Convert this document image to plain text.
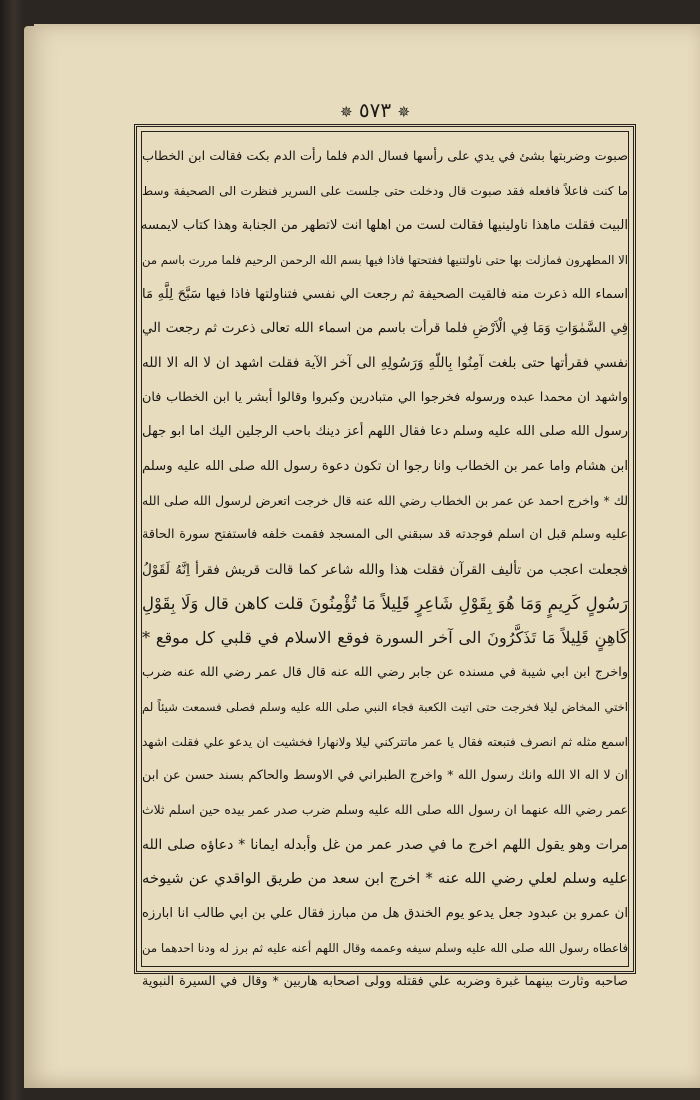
✵ ٥٧٣ ✵
صبوت وضربتها بشئ في يدي على رأسها فسال الدم فلما رأت الدم بكت فقالت ابن الخطاب
ما كنت فاعلاً فافعله فقد صبوت قال ودخلت حتى جلست على السرير فنظرت الى الصحيفة وسط
البيت فقلت ماهذا ناولينيها فقالت لست من اهلها انت لاتطهر من الجنابة وهذا كتاب لايمسه
الا المطهرون فمازلت بها حتى ناولتنيها ففتحتها فاذا فيها بسم الله الرحمن الرحيم فلما مررت باسم من
اسماء الله ذعرت منه فالقيت الصحيفة ثم رجعت الي نفسي فتناولتها فاذا فيها سَبَّحَ لِلَّهِ مَا
فِي السَّمٰوَاتِ وَمَا فِي الْاَرْضِ فلما قرأت باسم من اسماء الله تعالى ذعرت ثم رجعت الي
نفسي فقرأتها حتى بلغت آمِنُوا بِاللّهِ وَرَسُولِهِ الى آخر الآية فقلت اشهد ان لا اله الا الله
واشهد ان محمدا عبده ورسوله فخرجوا الي متبادرين وكبروا وقالوا أبشر يا ابن الخطاب فان
رسول الله صلى الله عليه وسلم دعا فقال اللهم أعز دينك باحب الرجلين اليك اما ابو جهل
ابن هشام واما عمر بن الخطاب وانا رجوا ان تكون دعوة رسول الله صلى الله عليه وسلم
لك * واخرج احمد عن عمر بن الخطاب رضي الله عنه قال خرجت اتعرض لرسول الله صلى الله
عليه وسلم قبل ان اسلم فوجدته قد سبقني الى المسجد فقمت خلفه فاستفتح سورة الحاقة
فجعلت اعجب من تأليف القرآن فقلت هذا والله شاعر كما قالت قريش فقرأ اِنَّهُ لَقَوْلُ
رَسُولٍ كَرِيمٍ وَمَا هُوَ بِقَوْلِ شَاعِرٍ قَلِيلاً مَا تُؤْمِنُونَ قلت كاهن قال وَلَا بِقَوْلِ
كَاهِنٍ قَلِيلاً مَا تَذَكَّرُونَ الى آخر السورة فوقع الاسلام في قلبي كل موقع *
واخرج ابن ابي شيبة في مسنده عن جابر رضي الله عنه قال قال عمر رضي الله عنه ضرب
اختي المخاض ليلا فخرجت حتى اتيت الكعبة فجاء النبي صلى الله عليه وسلم فصلى فسمعت شيئاً لم
اسمع مثله ثم انصرف فتبعته فقال يا عمر ماتتركني ليلا ولانهارا فخشيت ان يدعو علي فقلت اشهد
ان لا اله الا الله وانك رسول الله * واخرج الطبراني في الاوسط والحاكم بسند حسن عن ابن
عمر رضي الله عنهما ان رسول الله صلى الله عليه وسلم ضرب صدر عمر بيده حين اسلم ثلاث
مرات وهو يقول اللهم اخرج ما في صدر عمر من غل وأبدله ايمانا * دعاؤه صلى الله
عليه وسلم لعلي رضي الله عنه * اخرج ابن سعد من طريق الواقدي عن شيوخه
ان عمرو بن عبدود جعل يدعو يوم الخندق هل من مبارز فقال علي بن ابي طالب انا ابارزه
فاعطاه رسول الله صلى الله عليه وسلم سيفه وعممه وقال اللهم أعنه عليه ثم برز له ودنا احدهما من
صاحبه وثارت بينهما غبرة وضربه علي فقتله وولى اصحابه هاربين * وقال في السيرة النبوية
